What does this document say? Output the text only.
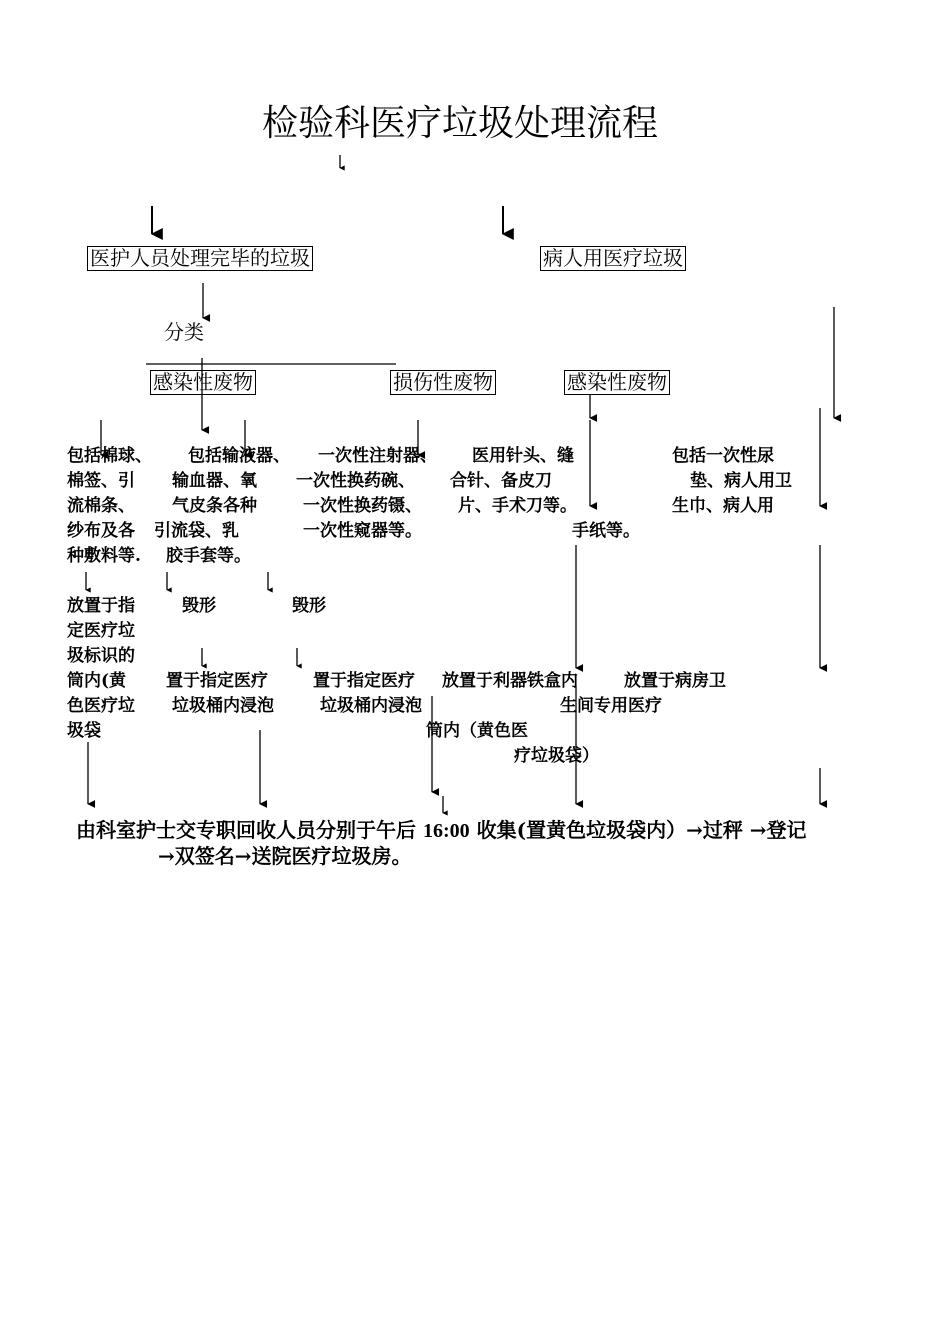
检验科医疗垃圾处理流程
医护人员处理完毕的垃圾	病人用医疗垃圾
分类
感染性废物	损伤性废物	感染性废物
包括棉球、
棉签、引
流棉条、
纱布及各
种敷料等.
包括输液器、
输血器、氧
气皮条各种
引流袋、乳
胶手套等。
一次性注射器、
一次性换药碗、
一次性换药镊、
一次性窥器等。
医用针头、缝
合针、备皮刀
片、手术刀等。
手纸等。
包括一次性尿
垫、病人用卫
生巾、病人用
放置于指
定医疗垃
圾标识的
筒内(黄
色医疗垃
圾袋
毁形	毁形
置于指定医疗
垃圾桶内浸泡
置于指定医疗
垃圾桶内浸泡
放置于利器铁盒内	放置于病房卫
生间专用医疗
筒内（黄色医
疗垃圾袋）
由科室护士交专职回收人员分别于午后 16:00 收集(置黄色垃圾袋内）→过秤 →登记
→双签名→送院医疗垃圾房。
